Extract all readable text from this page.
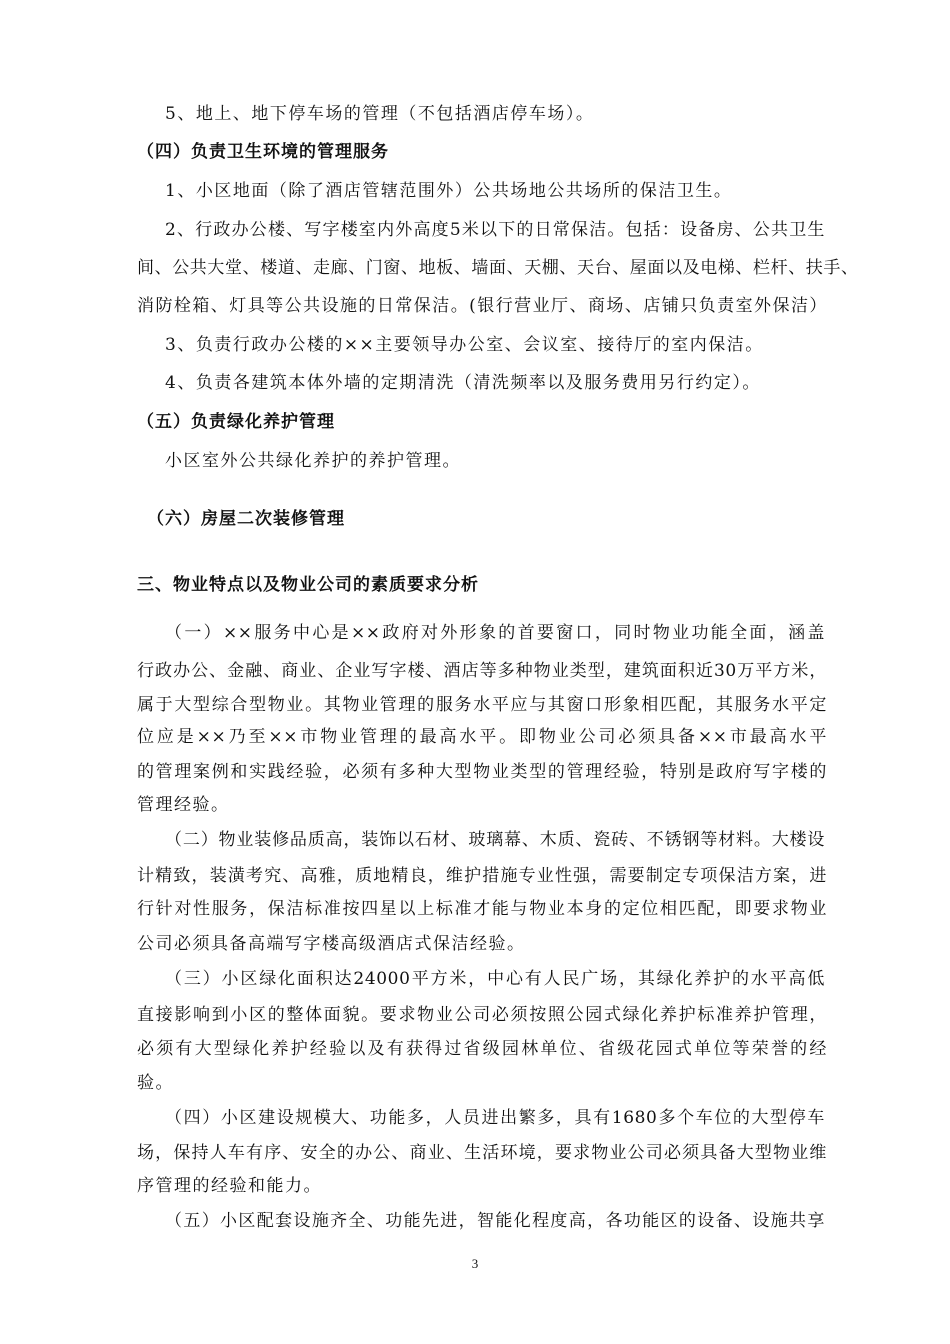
5、地上、地下停车场的管理（不包括酒店停车场）。
（四）负责卫生环境的管理服务
1、小区地面（除了酒店管辖范围外）公共场地公共场所的保洁卫生。
2、行政办公楼、写字楼室内外高度5米以下的日常保洁。包括：设备房、公共卫生
间、公共大堂、楼道、走廊、门窗、地板、墙面、天棚、天台、屋面以及电梯、栏杆、扶手、
消防栓箱、灯具等公共设施的日常保洁。(银行营业厅、商场、店铺只负责室外保洁）
3、负责行政办公楼的××主要领导办公室、会议室、接待厅的室内保洁。
4、负责各建筑本体外墙的定期清洗（清洗频率以及服务费用另行约定）。
（五）负责绿化养护管理
小区室外公共绿化养护的养护管理。
（六）房屋二次装修管理
三、物业特点以及物业公司的素质要求分析
（一）××服务中心是××政府对外形象的首要窗口，同时物业功能全面，涵盖
行政办公、金融、商业、企业写字楼、酒店等多种物业类型，建筑面积近30万平方米，
属于大型综合型物业。其物业管理的服务水平应与其窗口形象相匹配，其服务水平定
位应是××乃至××市物业管理的最高水平。即物业公司必须具备××市最高水平
的管理案例和实践经验，必须有多种大型物业类型的管理经验，特别是政府写字楼的
管理经验。
（二）物业装修品质高，装饰以石材、玻璃幕、木质、瓷砖、不锈钢等材料。大楼设
计精致，装潢考究、高雅，质地精良，维护措施专业性强，需要制定专项保洁方案，进
行针对性服务，保洁标准按四星以上标准才能与物业本身的定位相匹配，即要求物业
公司必须具备高端写字楼高级酒店式保洁经验。
（三）小区绿化面积达24000平方米，中心有人民广场，其绿化养护的水平高低
直接影响到小区的整体面貌。要求物业公司必须按照公园式绿化养护标准养护管理，
必须有大型绿化养护经验以及有获得过省级园林单位、省级花园式单位等荣誉的经
验。
（四）小区建设规模大、功能多，人员进出繁多，具有1680多个车位的大型停车
场，保持人车有序、安全的办公、商业、生活环境，要求物业公司必须具备大型物业维
序管理的经验和能力。
（五）小区配套设施齐全、功能先进，智能化程度高，各功能区的设备、设施共享
3
